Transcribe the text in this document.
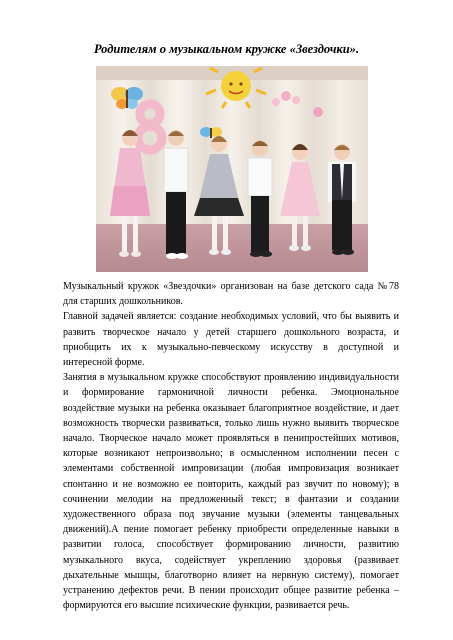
Родителям о музыкальном кружке «Звездочки».

Музыкальный кружок «Звездочки» организован на базе детского сада №78
для старших дошкольников.

Главной задачей является: создание необходимых условий, что бы выявить и
развить творческое начало у детей старшего дошкольного возраста, и
приобщить их к музыкально-певческому искусству в доступной и
интересной форме.

Занятия в музыкальном кружке способствуют проявлению индивидуальности
и формирование гармоничной личности ребенка. Эмоциональное
воздействие музыки на ребенка оказывает благоприятное воздействие, и дает
возможность творчески развиваться, только лишь нужно выявить творческое
начало. Творческое начало может проявляться в пенипростейших мотивов,
которые возникают непроизвольно; в осмысленном исполнении песен с
элементами собственной импровизации (любая импровизация возникает
спонтанно и не возможно ее повторить, каждый раз звучит по новому); в
сочинении мелодии на предложенный текст; в фантазии и создании
художественного образа под звучание музыки (элементы танцевальных
движений).А пение помогает ребенку приобрести определенные навыки в
развитии голоса, способствует формированию личности, развитию
музыкального вкуса, содействует укреплению здоровья (развивает
дыхательные мышцы, благотворно влияет на нервную систему), помогает
устранению дефектов речи. В пении происходит общее развитие ребенка –
формируются его высшие психические функции, развивается речь.
